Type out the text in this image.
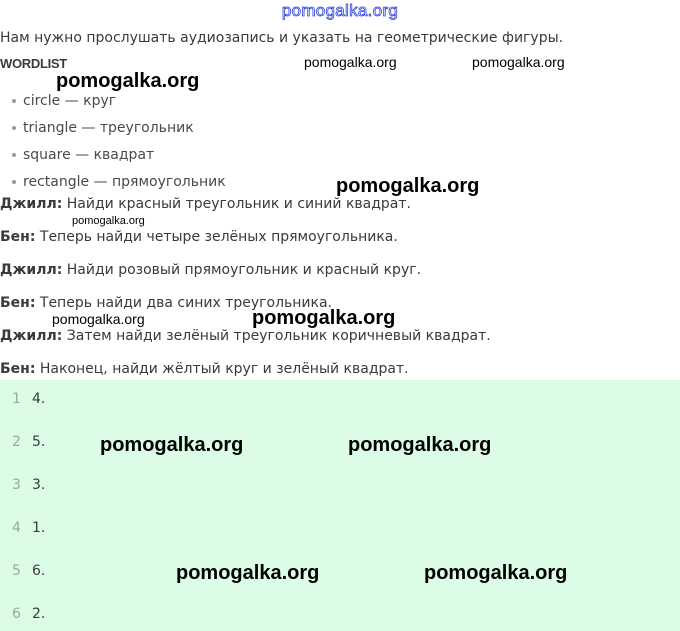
pomogalka.org
Нам нужно прослушать аудиозапись и указать на геометрические фигуры.
WORDLIST
circle — круг
triangle — треугольник
square — квадрат
rectangle — прямоугольник
Джилл: Найди красный треугольник и синий квадрат.
Бен: Теперь найди четыре зелёных прямоугольника.
Джилл: Найди розовый прямоугольник и красный круг.
Бен: Теперь найди два синих треугольника.
Джилл: Затем найди зелёный треугольник коричневый квадрат.
Бен: Наконец, найди жёлтый круг и зелёный квадрат.
1 4.
2 5.
3 3.
4 1.
5 6.
6 2.
pomogalka.org
pomogalka.org	pomogalka.org
pomogalka.org
pomogalka.org
pomogalka.org	pomogalka.org
pomogalka.org	pomogalka.org
pomogalka.org	pomogalka.org
